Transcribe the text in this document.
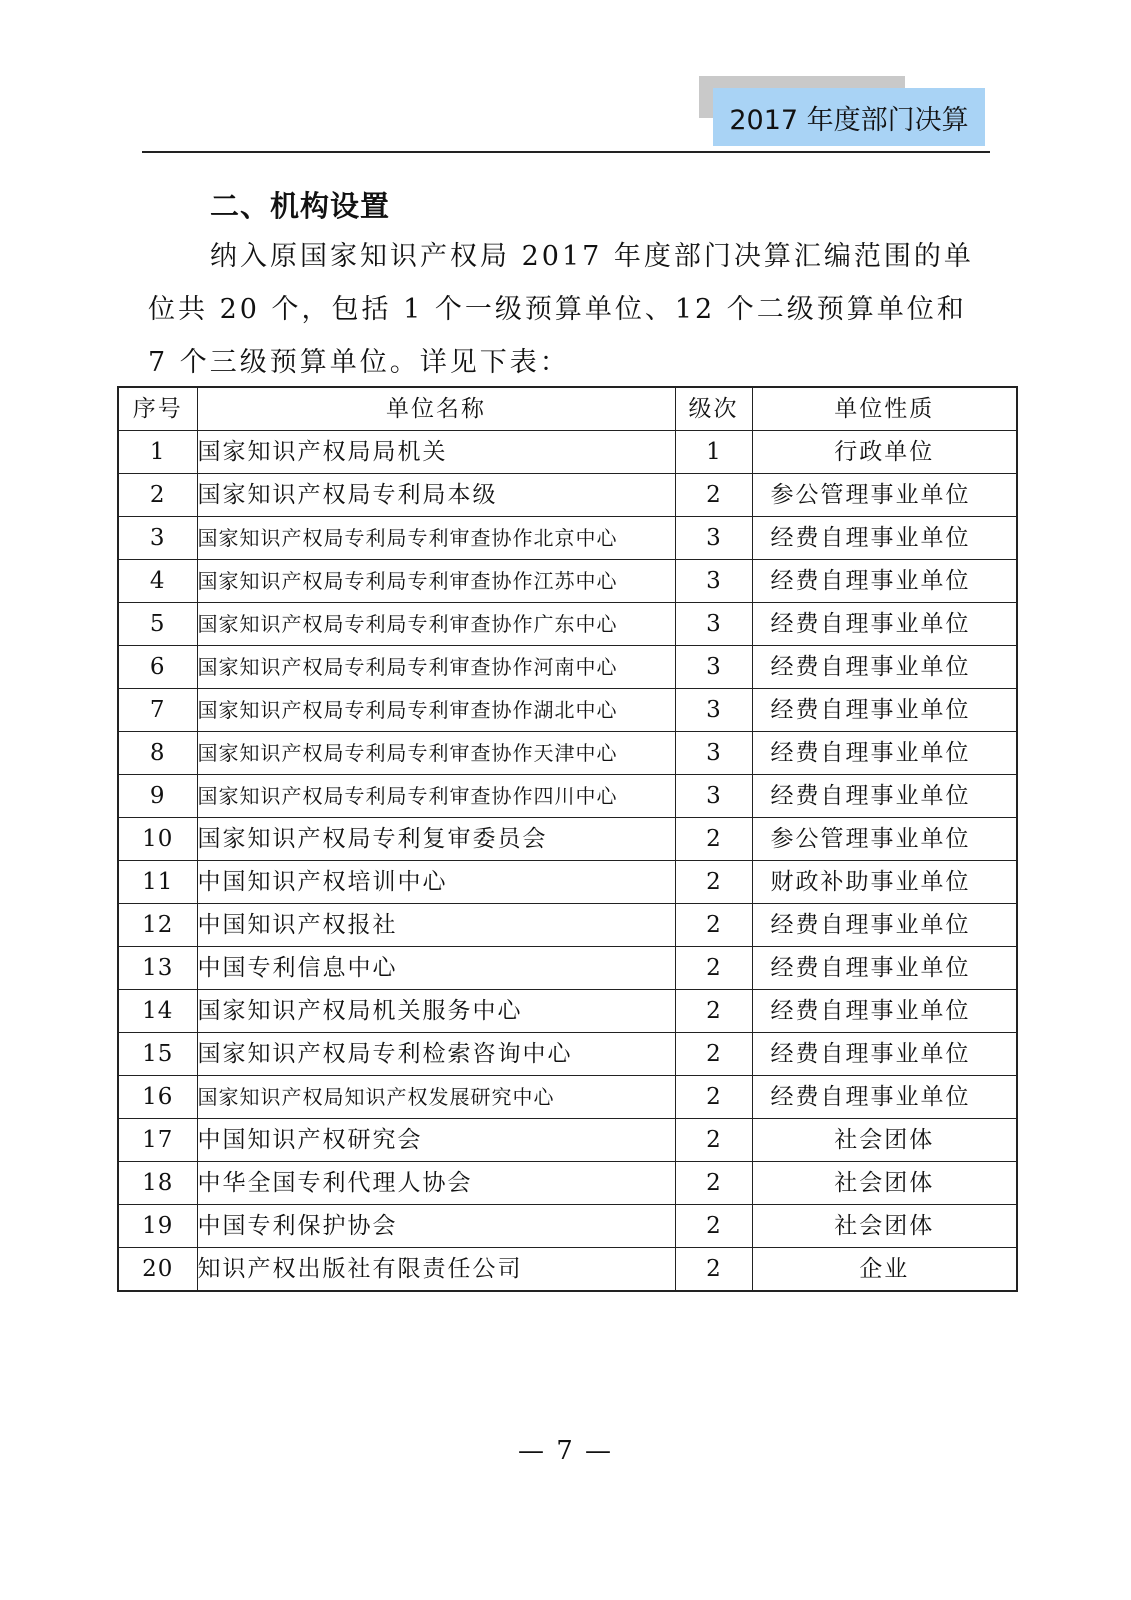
2017 年度部门决算
二、机构设置

纳入原国家知识产权局 2017 年度部门决算汇编范围的单位共 20 个，包括 1 个一级预算单位、12 个二级预算单位和 7 个三级预算单位。详见下表：

序号	单位名称	级次	单位性质
1	国家知识产权局局机关	1	行政单位
2	国家知识产权局专利局本级	2	参公管理事业单位
3	国家知识产权局专利局专利审查协作北京中心	3	经费自理事业单位
4	国家知识产权局专利局专利审查协作江苏中心	3	经费自理事业单位
5	国家知识产权局专利局专利审查协作广东中心	3	经费自理事业单位
6	国家知识产权局专利局专利审查协作河南中心	3	经费自理事业单位
7	国家知识产权局专利局专利审查协作湖北中心	3	经费自理事业单位
8	国家知识产权局专利局专利审查协作天津中心	3	经费自理事业单位
9	国家知识产权局专利局专利审查协作四川中心	3	经费自理事业单位
10	国家知识产权局专利复审委员会	2	参公管理事业单位
11	中国知识产权培训中心	2	财政补助事业单位
12	中国知识产权报社	2	经费自理事业单位
13	中国专利信息中心	2	经费自理事业单位
14	国家知识产权局机关服务中心	2	经费自理事业单位
15	国家知识产权局专利检索咨询中心	2	经费自理事业单位
16	国家知识产权局知识产权发展研究中心	2	经费自理事业单位
17	中国知识产权研究会	2	社会团体
18	中华全国专利代理人协会	2	社会团体
19	中国专利保护协会	2	社会团体
20	知识产权出版社有限责任公司	2	企业
— 7 —
